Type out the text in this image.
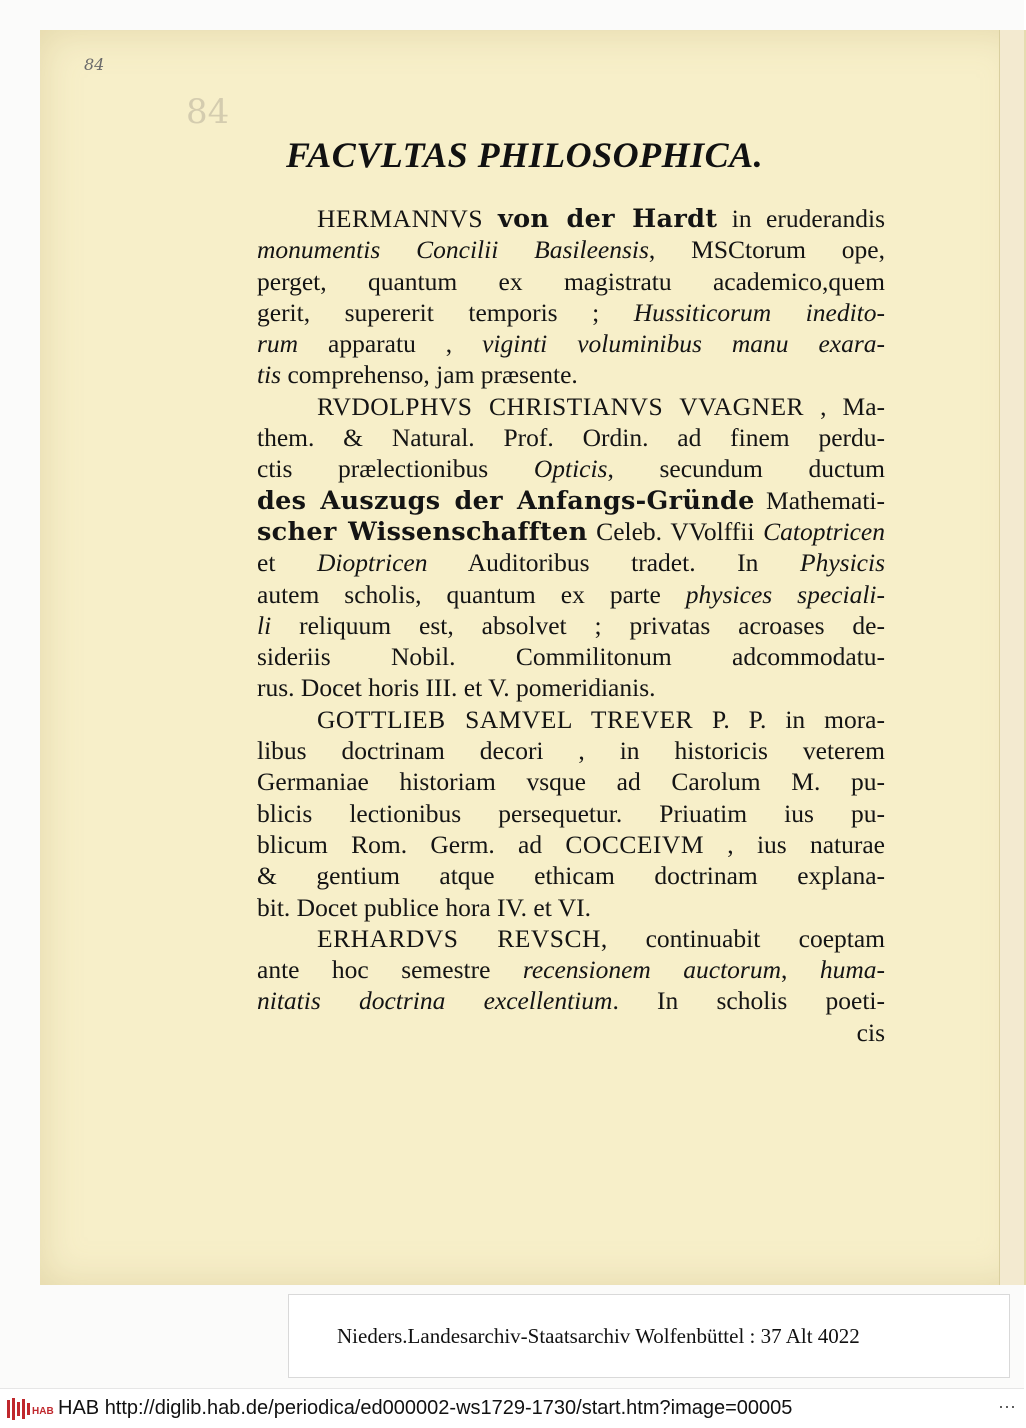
84
84
FACVLTAS PHILOSOPHICA.
HERMANNVS von der Hardt in eruderandis
monumentis Concilii Basileensis, MSCtorum ope,
perget, quantum ex magistratu academico,quem
gerit, supererit temporis ; Hussiticorum inedito-
rum apparatu , viginti voluminibus manu exara-
tis comprehenso, jam præsente.
RVDOLPHVS CHRISTIANVS VVAGNER , Ma-
them. & Natural. Prof. Ordin. ad finem perdu-
ctis prælectionibus Opticis, secundum ductum
des Auszugs der Anfangs-Gründe Mathemati-
scher Wissenschafften Celeb. VVolffii Catoptricen
et Dioptricen Auditoribus tradet. In Physicis
autem scholis, quantum ex parte physices speciali-
li reliquum est, absolvet ; privatas acroases de-
sideriis Nobil. Commilitonum adcommodatu-
rus. Docet horis III. et V. pomeridianis.
GOTTLIEB SAMVEL TREVER P. P. in mora-
libus doctrinam decori , in historicis veterem
Germaniae historiam vsque ad Carolum M. pu-
blicis lectionibus persequetur. Priuatim ius pu-
blicum Rom. Germ. ad COCCEIVM , ius naturae
& gentium atque ethicam doctrinam explana-
bit. Docet publice hora IV. et VI.
ERHARDVS REVSCH, continuabit coeptam
ante hoc semestre recensionem auctorum, huma-
nitatis doctrina excellentium. In scholis poeti-
cis
Nieders.Landesarchiv-Staatsarchiv Wolfenbüttel : 37 Alt 4022
HAB HAB http://diglib.hab.de/periodica/ed000002-ws1729-1730/start.htm?image=00005	···
